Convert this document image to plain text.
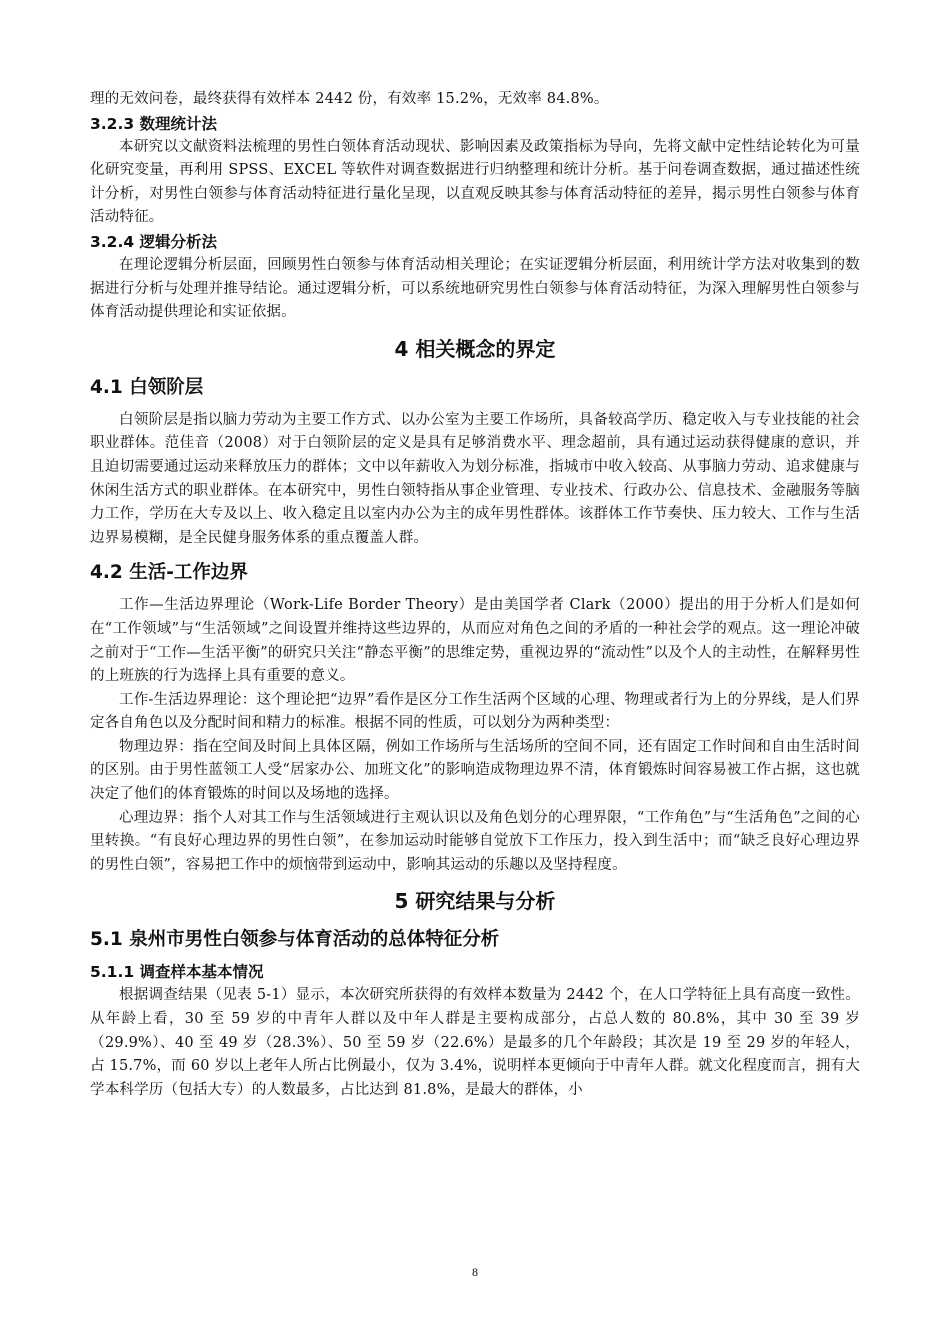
理的无效问卷，最终获得有效样本 2442 份，有效率 15.2%，无效率 84.8%。

3.2.3 数理统计法

本研究以文献资料法梳理的男性白领体育活动现状、影响因素及政策指标为导向，先将文献中定性结论转化为可量化研究变量，再利用 SPSS、EXCEL 等软件对调查数据进行归纳整理和统计分析。基于问卷调查数据，通过描述性统计分析，对男性白领参与体育活动特征进行量化呈现，以直观反映其参与体育活动特征的差异，揭示男性白领参与体育活动特征。

3.2.4 逻辑分析法

在理论逻辑分析层面，回顾男性白领参与体育活动相关理论；在实证逻辑分析层面，利用统计学方法对收集到的数据进行分析与处理并推导结论。通过逻辑分析，可以系统地研究男性白领参与体育活动特征，为深入理解男性白领参与体育活动提供理论和实证依据。

4 相关概念的界定
4.1 白领阶层

白领阶层是指以脑力劳动为主要工作方式、以办公室为主要工作场所，具备较高学历、稳定收入与专业技能的社会职业群体。范佳音（2008）对于白领阶层的定义是具有足够消费水平、理念超前，具有通过运动获得健康的意识，并且迫切需要通过运动来释放压力的群体；文中以年薪收入为划分标准，指城市中收入较高、从事脑力劳动、追求健康与休闲生活方式的职业群体。在本研究中，男性白领特指从事企业管理、专业技术、行政办公、信息技术、金融服务等脑力工作，学历在大专及以上、收入稳定且以室内办公为主的成年男性群体。该群体工作节奏快、压力较大、工作与生活边界易模糊，是全民健身服务体系的重点覆盖人群。

4.2 生活-工作边界

工作—生活边界理论（Work-Life Border Theory）是由美国学者 Clark（2000）提出的用于分析人们是如何在“工作领域”与“生活领域”之间设置并维持这些边界的，从而应对角色之间的矛盾的一种社会学的观点。这一理论冲破之前对于“工作—生活平衡”的研究只关注“静态平衡”的思维定势，重视边界的“流动性”以及个人的主动性，在解释男性的上班族的行为选择上具有重要的意义。

工作-生活边界理论：这个理论把“边界”看作是区分工作生活两个区域的心理、物理或者行为上的分界线，是人们界定各自角色以及分配时间和精力的标准。根据不同的性质，可以划分为两种类型：

物理边界：指在空间及时间上具体区隔，例如工作场所与生活场所的空间不同，还有固定工作时间和自由生活时间的区别。由于男性蓝领工人受“居家办公、加班文化”的影响造成物理边界不清，体育锻炼时间容易被工作占据，这也就决定了他们的体育锻炼的时间以及场地的选择。

心理边界：指个人对其工作与生活领域进行主观认识以及角色划分的心理界限，“工作角色”与“生活角色”之间的心里转换。“有良好心理边界的男性白领”，在参加运动时能够自觉放下工作压力，投入到生活中；而“缺乏良好心理边界的男性白领”，容易把工作中的烦恼带到运动中，影响其运动的乐趣以及坚持程度。

5 研究结果与分析
5.1 泉州市男性白领参与体育活动的总体特征分析
5.1.1 调查样本基本情况

根据调查结果（见表 5-1）显示，本次研究所获得的有效样本数量为 2442 个，在人口学特征上具有高度一致性。从年龄上看，30 至 59 岁的中青年人群以及中年人群是主要构成部分，占总人数的 80.8%，其中 30 至 39 岁（29.9%）、40 至 49 岁（28.3%）、50 至 59 岁（22.6%）是最多的几个年龄段；其次是 19 至 29 岁的年轻人，占 15.7%，而 60 岁以上老年人所占比例最小，仅为 3.4%，说明样本更倾向于中青年人群。就文化程度而言，拥有大学本科学历（包括大专）的人数最多，占比达到 81.8%，是最大的群体，小

8
